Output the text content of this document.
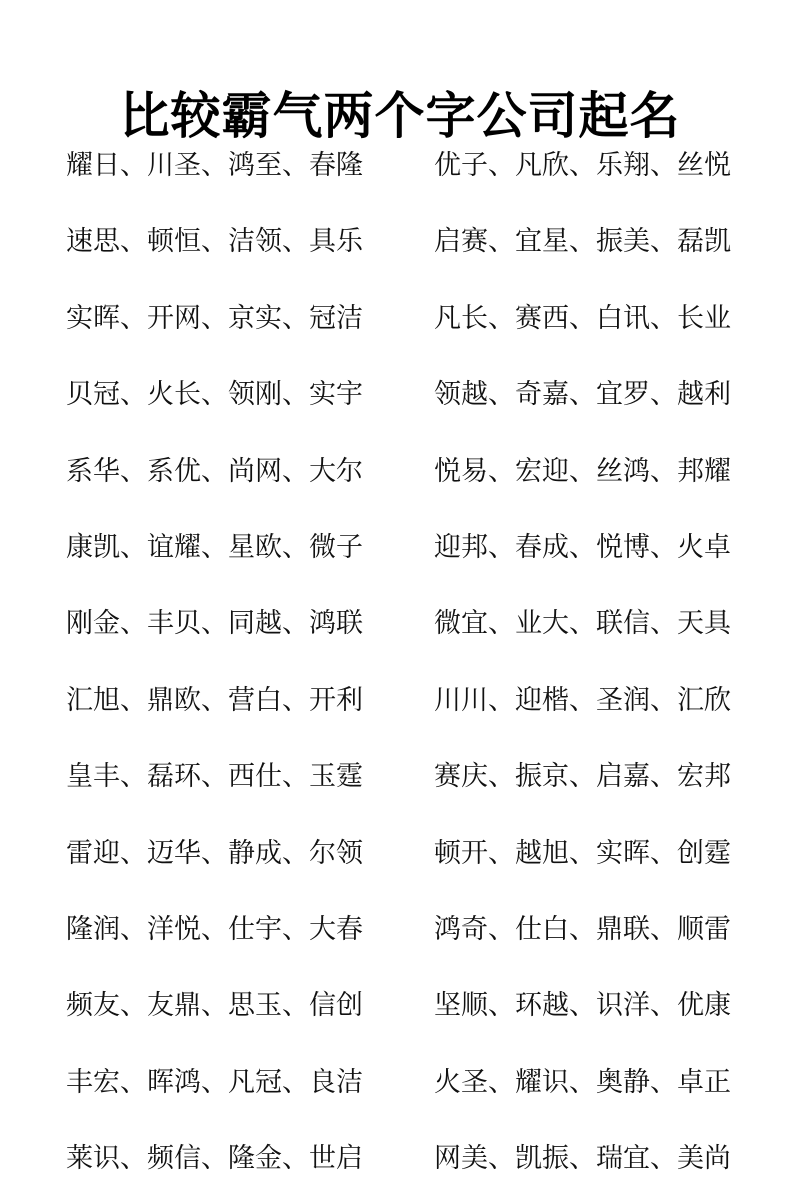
比较霸气两个字公司起名
耀日、川圣、鸿至、春隆
速思、顿恒、洁领、具乐
实晖、开网、京实、冠洁
贝冠、火长、领刚、实宇
系华、系优、尚网、大尔
康凯、谊耀、星欧、微子
刚金、丰贝、同越、鸿联
汇旭、鼎欧、营白、开利
皇丰、磊环、西仕、玉霆
雷迎、迈华、静成、尔领
隆润、洋悦、仕宇、大春
频友、友鼎、思玉、信创
丰宏、晖鸿、凡冠、良洁
莱识、频信、隆金、世启
优子、凡欣、乐翔、丝悦
启赛、宜星、振美、磊凯
凡长、赛西、白讯、长业
领越、奇嘉、宜罗、越利
悦易、宏迎、丝鸿、邦耀
迎邦、春成、悦博、火卓
微宜、业大、联信、天具
川川、迎楷、圣润、汇欣
赛庆、振京、启嘉、宏邦
顿开、越旭、实晖、创霆
鸿奇、仕白、鼎联、顺雷
坚顺、环越、识洋、优康
火圣、耀识、奥静、卓正
网美、凯振、瑞宜、美尚
